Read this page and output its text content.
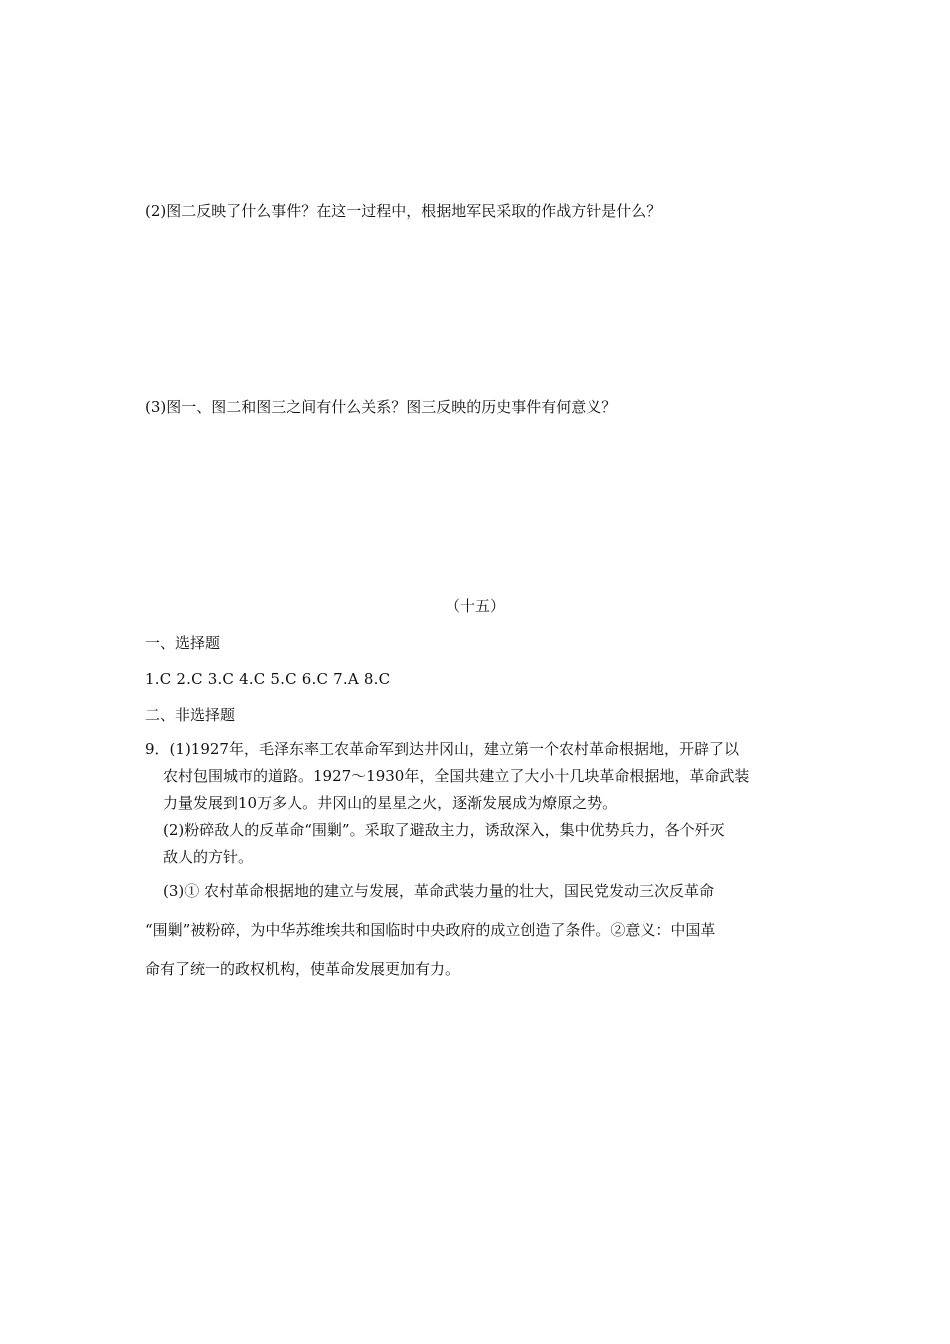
(2)图二反映了什么事件？在这一过程中，根据地军民采取的作战方针是什么？

(3)图一、图二和图三之间有什么关系？图三反映的历史事件有何意义？

（十五）

一、选择题

1.C 2.C 3.C 4.C 5.C 6.C 7.A 8.C

二、非选择题

9．(1)1927年，毛泽东率工农革命军到达井冈山，建立第一个农村革命根据地，开辟了以

农村包围城市的道路。1927～1930年，全国共建立了大小十几块革命根据地，革命武装

力量发展到10万多人。井冈山的星星之火，逐渐发展成为燎原之势。

(2)粉碎敌人的反革命“围剿”。采取了避敌主力，诱敌深入，集中优势兵力，各个歼灭

敌人的方针。

(3)① 农村革命根据地的建立与发展，革命武装力量的壮大，国民党发动三次反革命

“围剿”被粉碎，为中华苏维埃共和国临时中央政府的成立创造了条件。②意义：中国革

命有了统一的政权机构，使革命发展更加有力。
